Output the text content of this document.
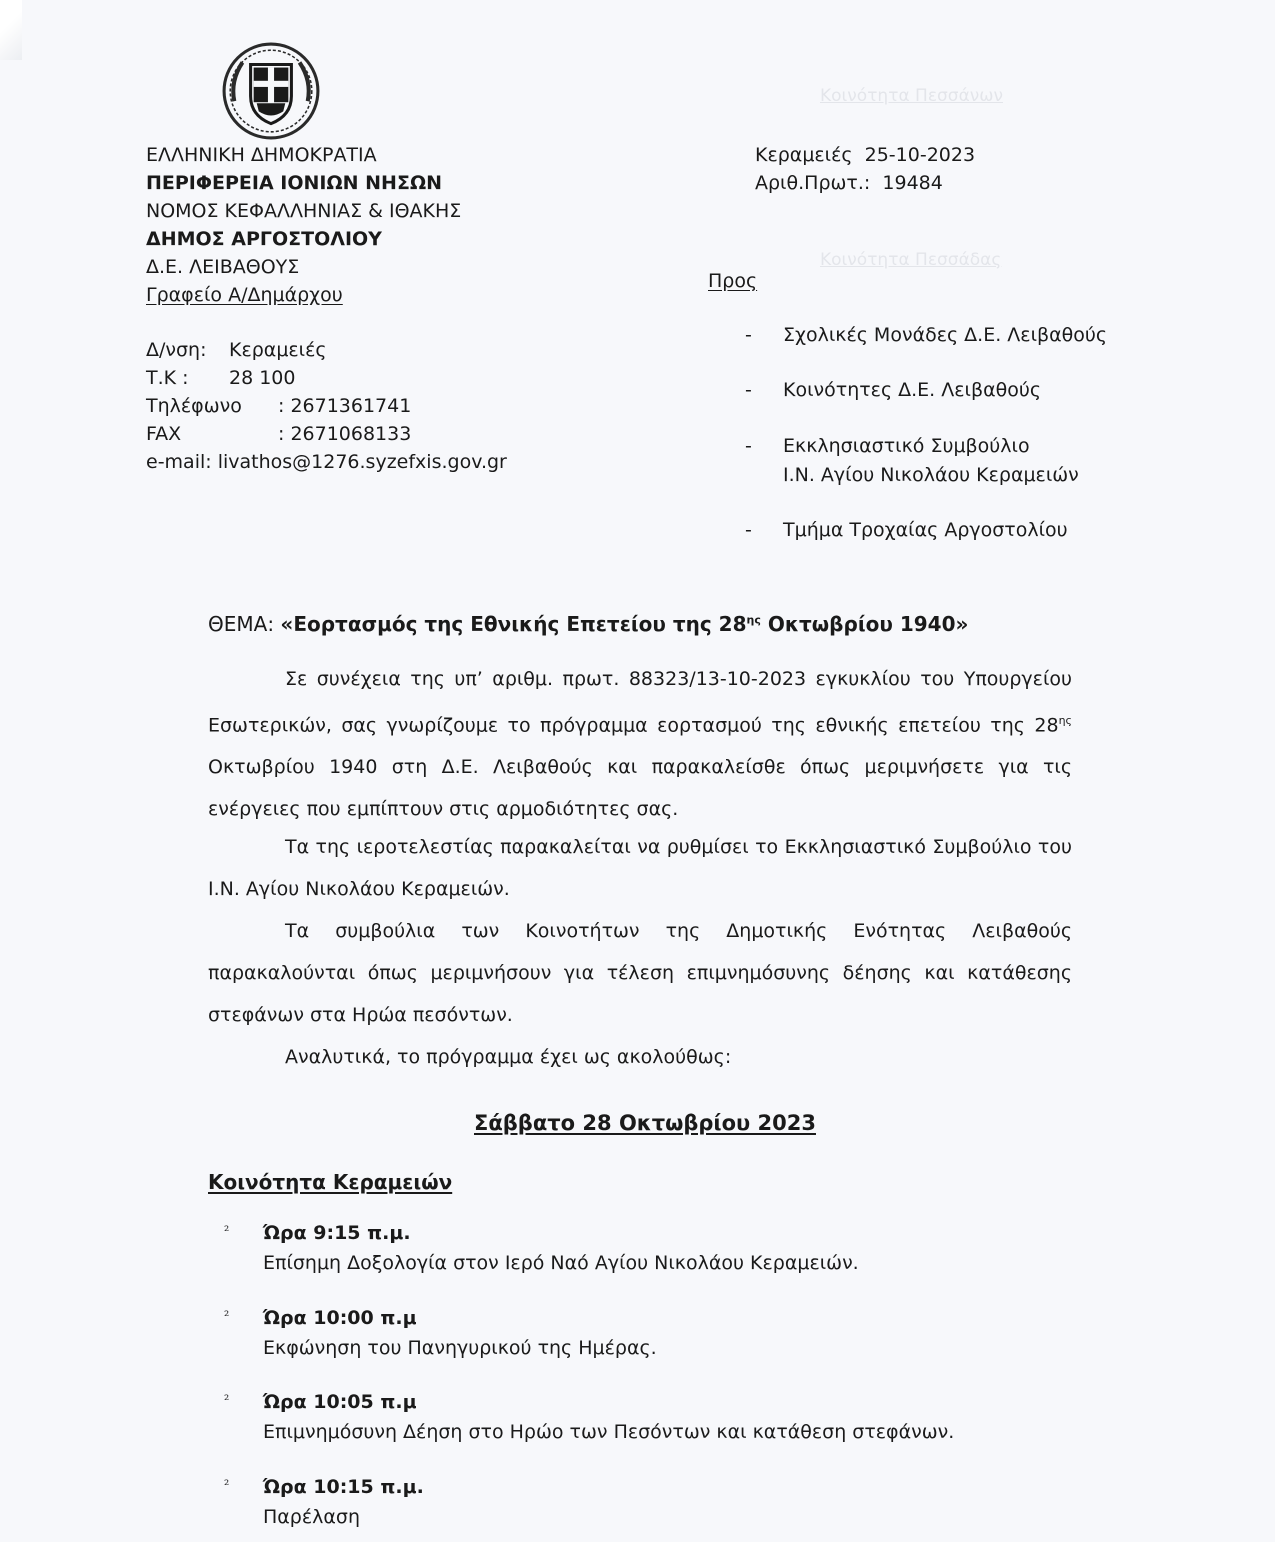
Κοινότητα Πεσσάνων
Κοινότητα Πεσσάδας
ΕΛΛΗΝΙΚΗ ΔΗΜΟΚΡΑΤΙΑ
ΠΕΡΙΦΕΡΕΙΑ ΙΟΝΙΩΝ ΝΗΣΩΝ
ΝΟΜΟΣ ΚΕΦΑΛΛΗΝΙΑΣ & ΙΘΑΚΗΣ
ΔΗΜΟΣ ΑΡΓΟΣΤΟΛΙΟΥ
Δ.Ε. ΛΕΙΒΑΘΟΥΣ
Γραφείο Α/Δημάρχου
Δ/νση:	Κεραμειές
Τ.Κ :	28 100
Τηλέφωνο	: 2671361741
FAX	: 2671068133
e-mail: livathos@1276.syzefxis.gov.gr
Κεραμειές 25-10-2023
Αριθ.Πρωτ.: 19484
Προς
- Σχολικές Μονάδες Δ.Ε. Λειβαθούς
- Κοινότητες Δ.Ε. Λειβαθούς
- Εκκλησιαστικό Συμβούλιο
Ι.Ν. Αγίου Νικολάου Κεραμειών
- Τμήμα Τροχαίας Αργοστολίου
ΘΕΜΑ: «Εορτασμός της Εθνικής Επετείου της $28^{\eta\varsigma}$ Οκτωβρίου 1940»

Σε συνέχεια της υπ’ αριθμ. πρωτ. 88323/13-10-2023 εγκυκλίου του Υπουργείου Εσωτερικών, σας γνωρίζουμε το πρόγραμμα εορτασμού της εθνικής επετείου της $28^{\eta\varsigma}$ Οκτωβρίου 1940 στη Δ.Ε. Λειβαθούς και παρακαλείσθε όπως μεριμνήσετε για τις ενέργειες που εμπίπτουν στις αρμοδιότητες σας.

Τα της ιεροτελεστίας παρακαλείται να ρυθμίσει το Εκκλησιαστικό Συμβούλιο του Ι.Ν. Αγίου Νικολάου Κεραμειών.

Τα συμβούλια των Κοινοτήτων της Δημοτικής Ενότητας Λειβαθούς παρακαλούνται όπως μεριμνήσουν για τέλεση επιμνημόσυνης δέησης και κατάθεσης στεφάνων στα Ηρώα πεσόντων.

Αναλυτικά, το πρόγραμμα έχει ως ακολούθως:

Σάββατο 28 Οκτωβρίου 2023
Κοινότητα Κεραμειών
² Ώρα 9:15 π.μ.
Επίσημη Δοξολογία στον Ιερό Ναό Αγίου Νικολάου Κεραμειών.
² Ώρα 10:00 π.μ
Εκφώνηση του Πανηγυρικού της Ημέρας.
² Ώρα 10:05 π.μ
Επιμνημόσυνη Δέηση στο Ηρώο των Πεσόντων και κατάθεση στεφάνων.
² Ώρα 10:15 π.μ.
Παρέλαση
